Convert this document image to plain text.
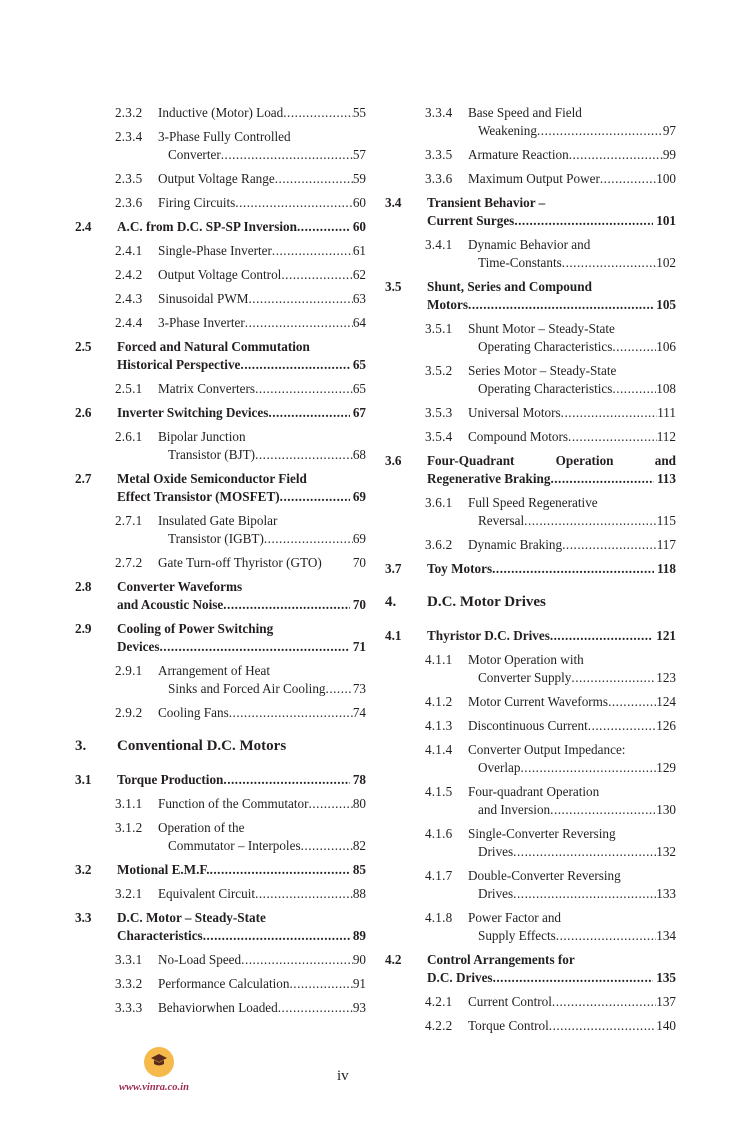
2.3.2	Inductive (Motor) Load .....	55
2.3.4	3-Phase Fully Controlled
Converter .....	57
2.3.5	Output Voltage Range .....	59
2.3.6	Firing Circuits .....	60
2.4	A.C. from D.C. SP-SP Inversion .....	60
2.4.1	Single-Phase Inverter .....	61
2.4.2	Output Voltage Control .....	62
2.4.3	Sinusoidal PWM .....	63
2.4.4	3-Phase Inverter .....	64
2.5	Forced and Natural Commutation
Historical Perspective .....	65
2.5.1	Matrix Converters .....	65
2.6	Inverter Switching Devices .....	67
2.6.1	Bipolar Junction
Transistor (BJT) .....	68
2.7	Metal Oxide Semiconductor Field
Effect Transistor (MOSFET) .....	69
2.7.1	Insulated Gate Bipolar
Transistor (IGBT) .....	69
2.7.2	Gate Turn-off Thyristor (GTO) 70
2.8	Converter Waveforms
and Acoustic Noise .....	70
2.9	Cooling of Power Switching
Devices .....	71
2.9.1	Arrangement of Heat
Sinks and Forced Air Cooling ..... 73
2.9.2	Cooling Fans .....	74
3.	Conventional D.C. Motors
3.1	Torque Production .....	78
3.1.1	Function of the Commutator .....	80
3.1.2	Operation of the
Commutator – Interpoles .....	82
3.2	Motional E.M.F. .....	85
3.2.1	Equivalent Circuit .....	88
3.3	D.C. Motor – Steady-State
Characteristics .....	89
3.3.1	No-Load Speed .....	90
3.3.2	Performance Calculation .....	91
3.3.3	Behaviorwhen Loaded .....	93
3.3.4	Base Speed and Field
Weakening .....	97
3.3.5	Armature Reaction .....	99
3.3.6	Maximum Output Power .....	100
3.4	Transient Behavior –
Current Surges .....	101
3.4.1	Dynamic Behavior and
Time-Constants .....	102
3.5	Shunt, Series and Compound
Motors .....	105
3.5.1	Shunt Motor – Steady-State
Operating Characteristics .....	106
3.5.2	Series Motor – Steady-State
Operating Characteristics .....	108
3.5.3	Universal Motors .....	111
3.5.4	Compound Motors .....	112
3.6	Four-Quadrant Operation and
Regenerative Braking .....	113
3.6.1	Full Speed Regenerative
Reversal .....	115
3.6.2	Dynamic Braking .....	117
3.7	Toy Motors .....	118
4.	D.C. Motor Drives
4.1	Thyristor D.C. Drives .....	121
4.1.1	Motor Operation with
Converter Supply .....	123
4.1.2	Motor Current Waveforms .....	124
4.1.3	Discontinuous Current .....	126
4.1.4	Converter Output Impedance:
Overlap .....	129
4.1.5	Four-quadrant Operation
and Inversion .....	130
4.1.6	Single-Converter Reversing
Drives .....	132
4.1.7	Double-Converter Reversing
Drives .....	133
4.1.8	Power Factor and
Supply Effects .....	134
4.2	Control Arrangements for
D.C. Drives .....	135
4.2.1	Current Control .....	137
4.2.2	Torque Control .....	140
www.vinra.co.in
iv
